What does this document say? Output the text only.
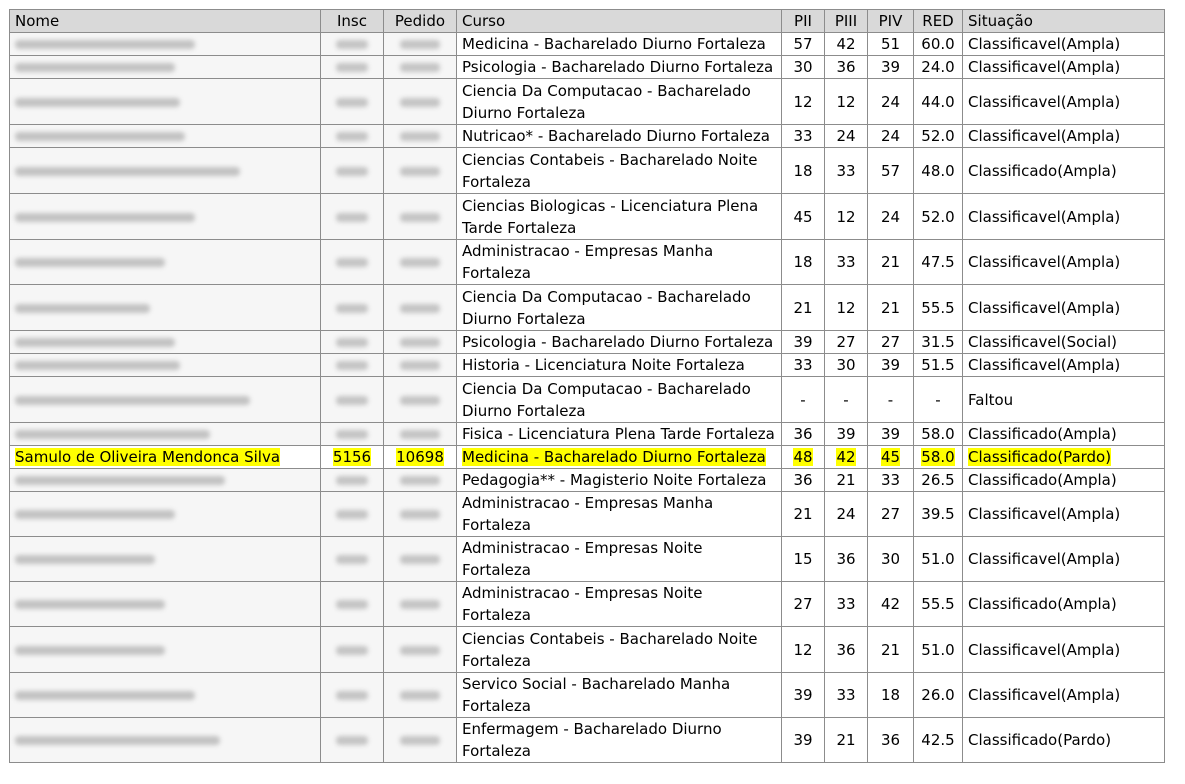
Nome	Insc	Pedido	Curso	PII	PIII	PIV	RED	Situação
			Medicina - Bacharelado Diurno Fortaleza	57	42	51	60.0	Classificavel(Ampla)
			Psicologia - Bacharelado Diurno Fortaleza	30	36	39	24.0	Classificavel(Ampla)
			Ciencia Da Computacao - Bacharelado Diurno Fortaleza	12	12	24	44.0	Classificavel(Ampla)
			Nutricao* - Bacharelado Diurno Fortaleza	33	24	24	52.0	Classificavel(Ampla)
			Ciencias Contabeis - Bacharelado Noite Fortaleza	18	33	57	48.0	Classificado(Ampla)
			Ciencias Biologicas - Licenciatura Plena Tarde Fortaleza	45	12	24	52.0	Classificavel(Ampla)
			Administracao - Empresas Manha Fortaleza	18	33	21	47.5	Classificavel(Ampla)
			Ciencia Da Computacao - Bacharelado Diurno Fortaleza	21	12	21	55.5	Classificavel(Ampla)
			Psicologia - Bacharelado Diurno Fortaleza	39	27	27	31.5	Classificavel(Social)
			Historia - Licenciatura Noite Fortaleza	33	30	39	51.5	Classificavel(Ampla)
			Ciencia Da Computacao - Bacharelado Diurno Fortaleza	-	-	-	-	Faltou
			Fisica - Licenciatura Plena Tarde Fortaleza	36	39	39	58.0	Classificado(Ampla)
Samulo de Oliveira Mendonca Silva	5156	10698	Medicina - Bacharelado Diurno Fortaleza	48	42	45	58.0	Classificado(Pardo)
			Pedagogia** - Magisterio Noite Fortaleza	36	21	33	26.5	Classificado(Ampla)
			Administracao - Empresas Manha Fortaleza	21	24	27	39.5	Classificavel(Ampla)
			Administracao - Empresas Noite Fortaleza	15	36	30	51.0	Classificavel(Ampla)
			Administracao - Empresas Noite Fortaleza	27	33	42	55.5	Classificado(Ampla)
			Ciencias Contabeis - Bacharelado Noite Fortaleza	12	36	21	51.0	Classificavel(Ampla)
			Servico Social - Bacharelado Manha Fortaleza	39	33	18	26.0	Classificavel(Ampla)
			Enfermagem - Bacharelado Diurno Fortaleza	39	21	36	42.5	Classificado(Pardo)
